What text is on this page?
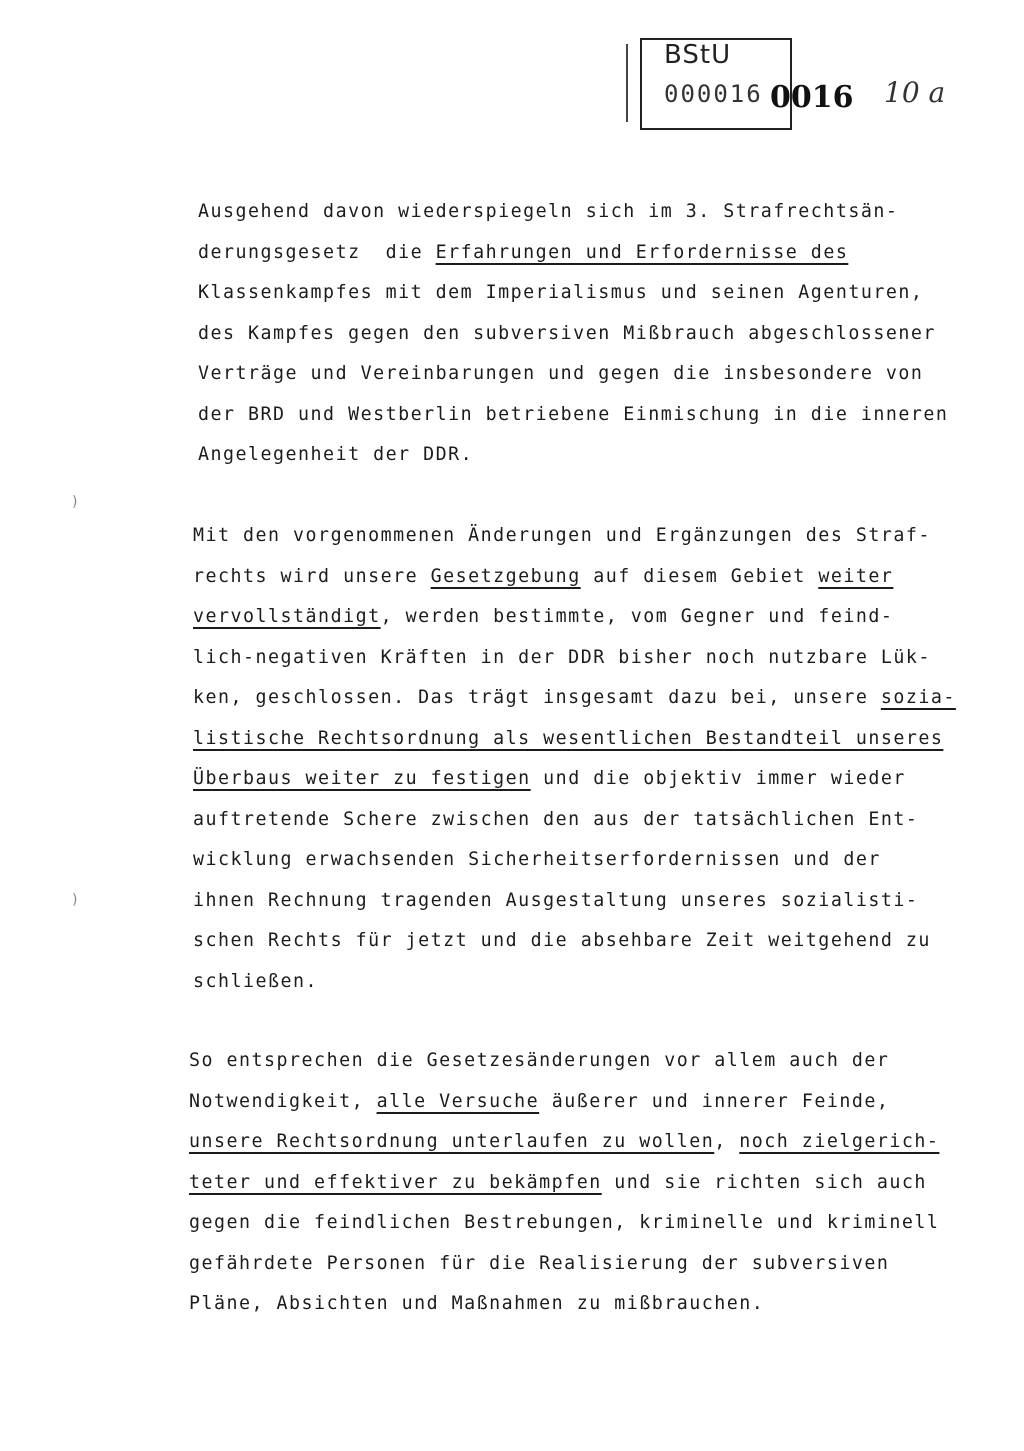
BStU
000016 0016 10 a
Ausgehend davon wiederspiegeln sich im 3. Strafrechtsän-
derungsgesetz  die Erfahrungen und Erfordernisse des
Klassenkampfes mit dem Imperialismus und seinen Agenturen,
des Kampfes gegen den subversiven Mißbrauch abgeschlossener
Verträge und Vereinbarungen und gegen die insbesondere von
der BRD und Westberlin betriebene Einmischung in die inneren
Angelegenheit der DDR.
Mit den vorgenommenen Änderungen und Ergänzungen des Straf-
rechts wird unsere Gesetzgebung auf diesem Gebiet weiter
vervollständigt, werden bestimmte, vom Gegner und feind-
lich-negativen Kräften in der DDR bisher noch nutzbare Lük-
ken, geschlossen. Das trägt insgesamt dazu bei, unsere sozia-
listische Rechtsordnung als wesentlichen Bestandteil unseres
Überbaus weiter zu festigen und die objektiv immer wieder
auftretende Schere zwischen den aus der tatsächlichen Ent-
wicklung erwachsenden Sicherheitserfordernissen und der
ihnen Rechnung tragenden Ausgestaltung unseres sozialisti-
schen Rechts für jetzt und die absehbare Zeit weitgehend zu
schließen.
So entsprechen die Gesetzesänderungen vor allem auch der
Notwendigkeit, alle Versuche äußerer und innerer Feinde,
unsere Rechtsordnung unterlaufen zu wollen, noch zielgerich-
teter und effektiver zu bekämpfen und sie richten sich auch
gegen die feindlichen Bestrebungen, kriminelle und kriminell
gefährdete Personen für die Realisierung der subversiven
Pläne, Absichten und Maßnahmen zu mißbrauchen.
)
)
